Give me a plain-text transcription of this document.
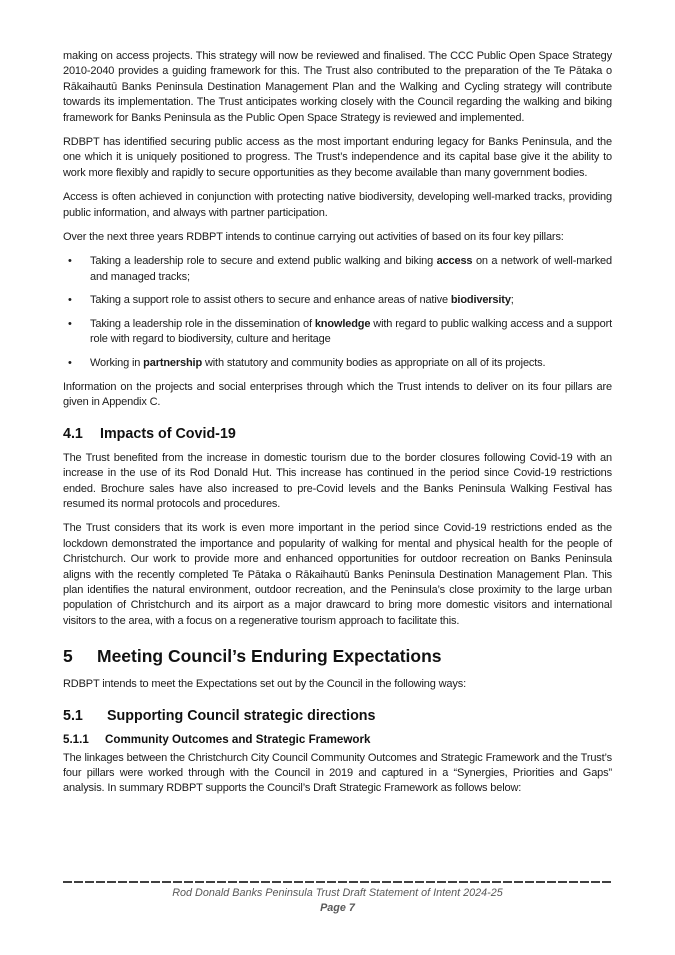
making on access projects. This strategy will now be reviewed and finalised. The CCC Public Open Space Strategy 2010-2040 provides a guiding framework for this. The Trust also contributed to the preparation of the Te Pātaka o Rākaihautū Banks Peninsula Destination Management Plan and the Walking and Cycling strategy will contribute towards its implementation. The Trust anticipates working closely with the Council regarding the walking and biking framework for Banks Peninsula as the Public Open Space Strategy is reviewed and implemented.

RDBPT has identified securing public access as the most important enduring legacy for Banks Peninsula, and the one which it is uniquely positioned to progress. The Trust’s independence and its capital base give it the ability to work more flexibly and rapidly to secure opportunities as they become available than many government bodies.

Access is often achieved in conjunction with protecting native biodiversity, developing well-marked tracks, providing public information, and always with partner participation.

Over the next three years RDBPT intends to continue carrying out activities of based on its four key pillars:

• Taking a leadership role to secure and extend public walking and biking access on a network of well-marked and managed tracks;
• Taking a support role to assist others to secure and enhance areas of native biodiversity;
• Taking a leadership role in the dissemination of knowledge with regard to public walking access and a support role with regard to biodiversity, culture and heritage
• Working in partnership with statutory and community bodies as appropriate on all of its projects.

Information on the projects and social enterprises through which the Trust intends to deliver on its four pillars are given in Appendix C.

4.1	Impacts of Covid-19

The Trust benefited from the increase in domestic tourism due to the border closures following Covid-19 with an increase in the use of its Rod Donald Hut. This increase has continued in the period since Covid-19 restrictions ended. Brochure sales have also increased to pre-Covid levels and the Banks Peninsula Walking Festival has resumed its normal protocols and procedures.

The Trust considers that its work is even more important in the period since Covid-19 restrictions ended as the lockdown demonstrated the importance and popularity of walking for mental and physical health for the people of Christchurch. Our work to provide more and enhanced opportunities for outdoor recreation on Banks Peninsula aligns with the recently completed Te Pātaka o Rākaihautū Banks Peninsula Destination Management Plan. This plan identifies the natural environment, outdoor recreation, and the Peninsula’s close proximity to the large urban population of Christchurch and its airport as a major drawcard to bring more domestic visitors and international visitors to the area, with a focus on a regenerative tourism approach to facilitate this.

5	Meeting Council’s Enduring Expectations

RDBPT intends to meet the Expectations set out by the Council in the following ways:

5.1	Supporting Council strategic directions
5.1.1	Community Outcomes and Strategic Framework

The linkages between the Christchurch City Council Community Outcomes and Strategic Framework and the Trust’s four pillars were worked through with the Council in 2019 and captured in a “Synergies, Priorities and Gaps” analysis. In summary RDBPT supports the Council’s Draft Strategic Framework as follows below:

Rod Donald Banks Peninsula Trust Draft Statement of Intent 2024-25
Page 7
